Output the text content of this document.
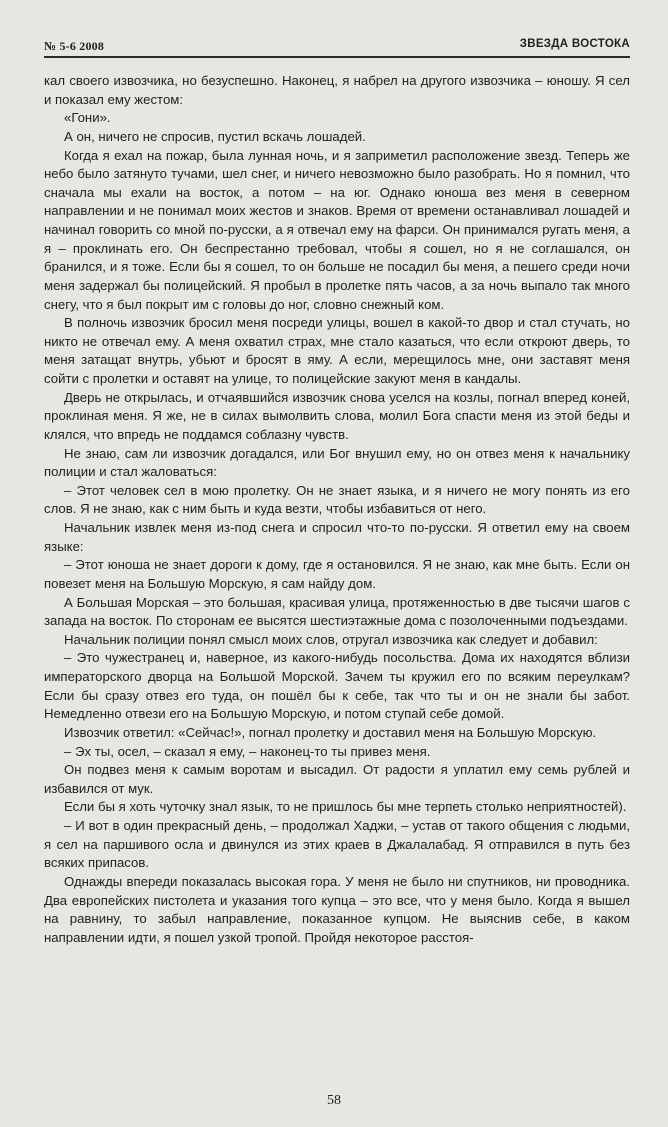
№ 5-6 2008	ЗВЕЗДА ВОСТОКА

кал своего извозчика, но безуспешно. Наконец, я набрел на другого извозчика – юношу. Я сел и показал ему жестом:

«Гони».

А он, ничего не спросив, пустил вскачь лошадей.

Когда я ехал на пожар, была лунная ночь, и я заприметил расположение звезд. Теперь же небо было затянуто тучами, шел снег, и ничего невозможно было разобрать. Но я помнил, что сначала мы ехали на восток, а потом – на юг. Однако юноша вез меня в северном направлении и не понимал моих жестов и знаков. Время от времени останавливал лошадей и начинал говорить со мной по-русски, а я отвечал ему на фарси. Он принимался ругать меня, а я – проклинать его. Он беспрестанно требовал, чтобы я сошел, но я не соглашался, он бранился, и я тоже. Если бы я сошел, то он больше не посадил бы меня, а пешего среди ночи меня задержал бы полицейский. Я пробыл в пролетке пять часов, а за ночь выпало так много снегу, что я был покрыт им с головы до ног, словно снежный ком.

В полночь извозчик бросил меня посреди улицы, вошел в какой-то двор и стал стучать, но никто не отвечал ему. А меня охватил страх, мне стало казаться, что если откроют дверь, то меня затащат внутрь, убьют и бросят в яму. А если, мерещилось мне, они заставят меня сойти с пролетки и оставят на улице, то полицейские закуют меня в кандалы.

Дверь не открылась, и отчаявшийся извозчик снова уселся на козлы, погнал вперед коней, проклиная меня. Я же, не в силах вымолвить слова, молил Бога спасти меня из этой беды и клялся, что впредь не поддамся соблазну чувств.

Не знаю, сам ли извозчик догадался, или Бог внушил ему, но он отвез меня к начальнику полиции и стал жаловаться:

– Этот человек сел в мою пролетку. Он не знает языка, и я ничего не могу понять из его слов. Я не знаю, как с ним быть и куда везти, чтобы избавиться от него.

Начальник извлек меня из-под снега и спросил что-то по-русски. Я ответил ему на своем языке:

– Этот юноша не знает дороги к дому, где я остановился. Я не знаю, как мне быть. Если он повезет меня на Большую Морскую, я сам найду дом.

А Большая Морская – это большая, красивая улица, протяженностью в две тысячи шагов с запада на восток. По сторонам ее высятся шестиэтажные дома с позолоченными подъездами.

Начальник полиции понял смысл моих слов, отругал извозчика как следует и добавил:

– Это чужестранец и, наверное, из какого-нибудь посольства. Дома их находятся вблизи императорского дворца на Большой Морской. Зачем ты кружил его по всяким переулкам? Если бы сразу отвез его туда, он пошёл бы к себе, так что ты и он не знали бы забот. Немедленно отвези его на Большую Морскую, и потом ступай себе домой.

Извозчик ответил: «Сейчас!», погнал пролетку и доставил меня на Большую Морскую.

– Эх ты, осел, – сказал я ему, – наконец-то ты привез меня.

Он подвез меня к самым воротам и высадил. От радости я уплатил ему семь рублей и избавился от мук.

Если бы я хоть чуточку знал язык, то не пришлось бы мне терпеть столько неприятностей).

– И вот в один прекрасный день, – продолжал Хаджи, – устав от такого общения с людьми, я сел на паршивого осла и двинулся из этих краев в Джалалабад. Я отправился в путь без всяких припасов.

Однажды впереди показалась высокая гора. У меня не было ни спутников, ни проводника. Два европейских пистолета и указания того купца – это все, что у меня было. Когда я вышел на равнину, то забыл направление, показанное купцом. Не выяснив себе, в каком направлении идти, я пошел узкой тропой. Пройдя некоторое расстоя-

58
